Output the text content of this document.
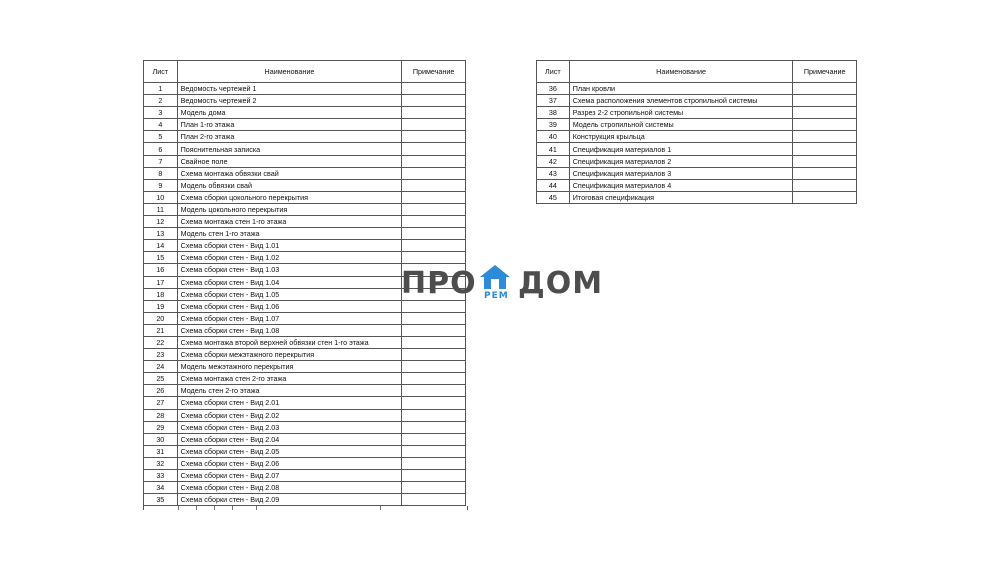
Лист	Наименование	Примечание
1	Ведомость чертежей 1	
2	Ведомость чертежей 2	
3	Модель дома	
4	План 1-го этажа	
5	План 2-го этажа	
6	Пояснительная записка	
7	Свайное поле	
8	Схема монтажа обвязки свай	
9	Модель обвязки свай	
10	Схема сборки цокольного перекрытия	
11	Модель цокольного перекрытия	
12	Схема монтажа стен 1-го этажа	
13	Модель стен 1-го этажа	
14	Схема сборки стен - Вид 1.01	
15	Схема сборки стен - Вид 1.02	
16	Схема сборки стен - Вид 1.03	
17	Схема сборки стен - Вид 1.04	
18	Схема сборки стен - Вид 1.05	
19	Схема сборки стен - Вид 1.06	
20	Схема сборки стен - Вид 1.07	
21	Схема сборки стен - Вид 1.08	
22	Схема монтажа второй верхней обвязки стен 1-го этажа	
23	Схема сборки межэтажного перекрытия	
24	Модель межэтажного перекрытия	
25	Схема монтажа стен 2-го этажа	
26	Модель стен 2-го этажа	
27	Схема сборки стен - Вид 2.01	
28	Схема сборки стен - Вид 2.02	
29	Схема сборки стен - Вид 2.03	
30	Схема сборки стен - Вид 2.04	
31	Схема сборки стен - Вид 2.05	
32	Схема сборки стен - Вид 2.06	
33	Схема сборки стен - Вид 2.07	
34	Схема сборки стен - Вид 2.08	
35	Схема сборки стен - Вид 2.09	
Лист	Наименование	Примечание
36	План кровли	
37	Схема расположения элементов стропильной системы	
38	Разрез 2-2 стропильной системы	
39	Модель стропильной системы	
40	Конструкция крыльца	
41	Спецификация материалов 1	
42	Спецификация материалов 2	
43	Спецификация материалов 3	
44	Спецификация материалов 4	
45	Итоговая спецификация	
ПРО РЕМ ДОМ
